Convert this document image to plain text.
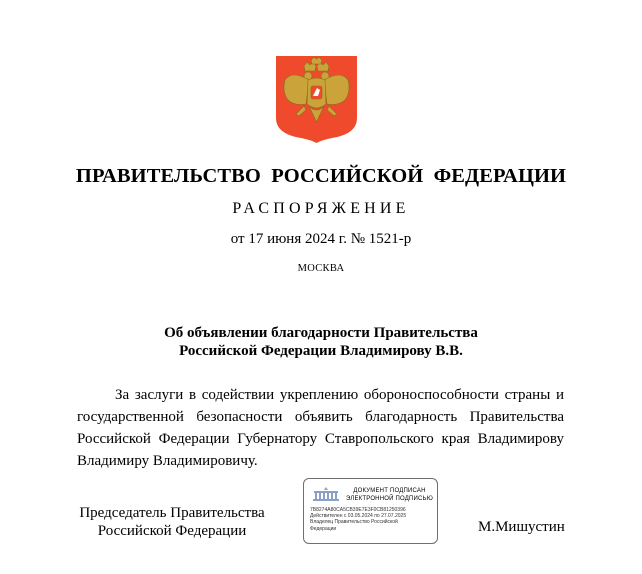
ПРАВИТЕЛЬСТВО РОССИЙСКОЙ ФЕДЕРАЦИИ
РАСПОРЯЖЕНИЕ
от 17 июня 2024 г. № 1521-р
МОСКВА
Об объявлении благодарности Правительства
Российской Федерации Владимирову В.В.
За заслуги в содействии укреплению обороноспособности страны и государственной безопасности объявить благодарность Правительства Российской Федерации Губернатору Ставропольского края Владимирову Владимиру Владимировичу.
Председатель Правительства
Российской Федерации
ДОКУМЕНТ ПОДПИСАН
ЭЛЕКТРОННОЙ ПОДПИСЬЮ
7B8274A80CA5CB39E7E3F0CB81250396
Действителен с 03.05.2024 по 27.07.2025
Владелец Правительство Российской
Федерации	М.Мишустин
